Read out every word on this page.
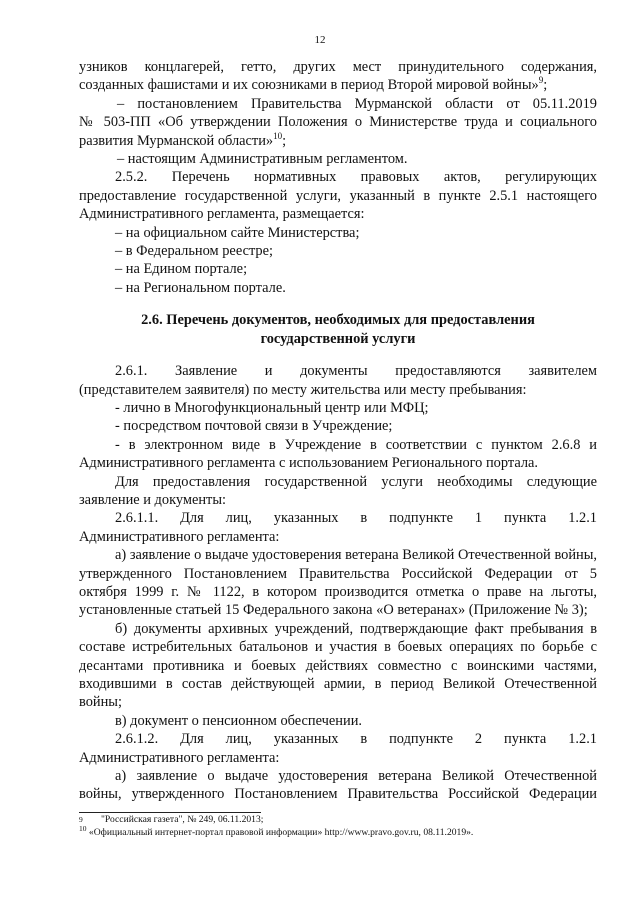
12

узников концлагерей, гетто, других мест принудительного содержания,

созданных фашистами и их союзниками в период Второй мировой войны»$^9$;

– постановлением Правительства Мурманской области от 05.11.2019

№ 503-ПП «Об утверждении Положения о Министерстве труда и социального развития Мурманской области»$^{10}$;

– настоящим Административным регламентом.

2.5.2. Перечень нормативных правовых актов, регулирующих

предоставление государственной услуги, указанный в пункте 2.5.1 настоящего Административного регламента, размещается:

– на официальном сайте Министерства;

– в Федеральном реестре;

– на Едином портале;

– на Региональном портале.

2.6. Перечень документов, необходимых для предоставления

государственной услуги

2.6.1. Заявление и документы предоставляются заявителем

(представителем заявителя) по месту жительства или месту пребывания:

- лично в Многофункциональный центр или МФЦ;

- посредством почтовой связи в Учреждение;

- в электронном виде в Учреждение в соответствии с пунктом 2.6.8 и

Административного регламента с использованием Регионального портала.

Для предоставления государственной услуги необходимы следующие

заявление и документы:

2.6.1.1. Для лиц, указанных в подпункте 1 пункта 1.2.1

Административного регламента:

а) заявление о выдаче удостоверения ветерана Великой Отечественной войны, утвержденного Постановлением Правительства Российской Федерации от 5 октября 1999 г. № 1122, в котором производится отметка о праве на льготы, установленные статьей 15 Федерального закона «О ветеранах» (Приложение № 3);

б) документы архивных учреждений, подтверждающие факт пребывания в составе истребительных батальонов и участия в боевых операциях по борьбе с десантами противника и боевых действиях совместно с воинскими частями, входившими в состав действующей армии, в период Великой Отечественной войны;

в) документ о пенсионном обеспечении.

2.6.1.2. Для лиц, указанных в подпункте 2 пункта 1.2.1

Административного регламента:

а) заявление о выдаче удостоверения ветерана Великой Отечественной

войны, утвержденного Постановлением Правительства Российской Федерации

9 "Российская газета", № 249, 06.11.2013;
$^{10}$ «Официальный интернет-портал правовой информации» http://www.pravo.gov.ru, 08.11.2019».
